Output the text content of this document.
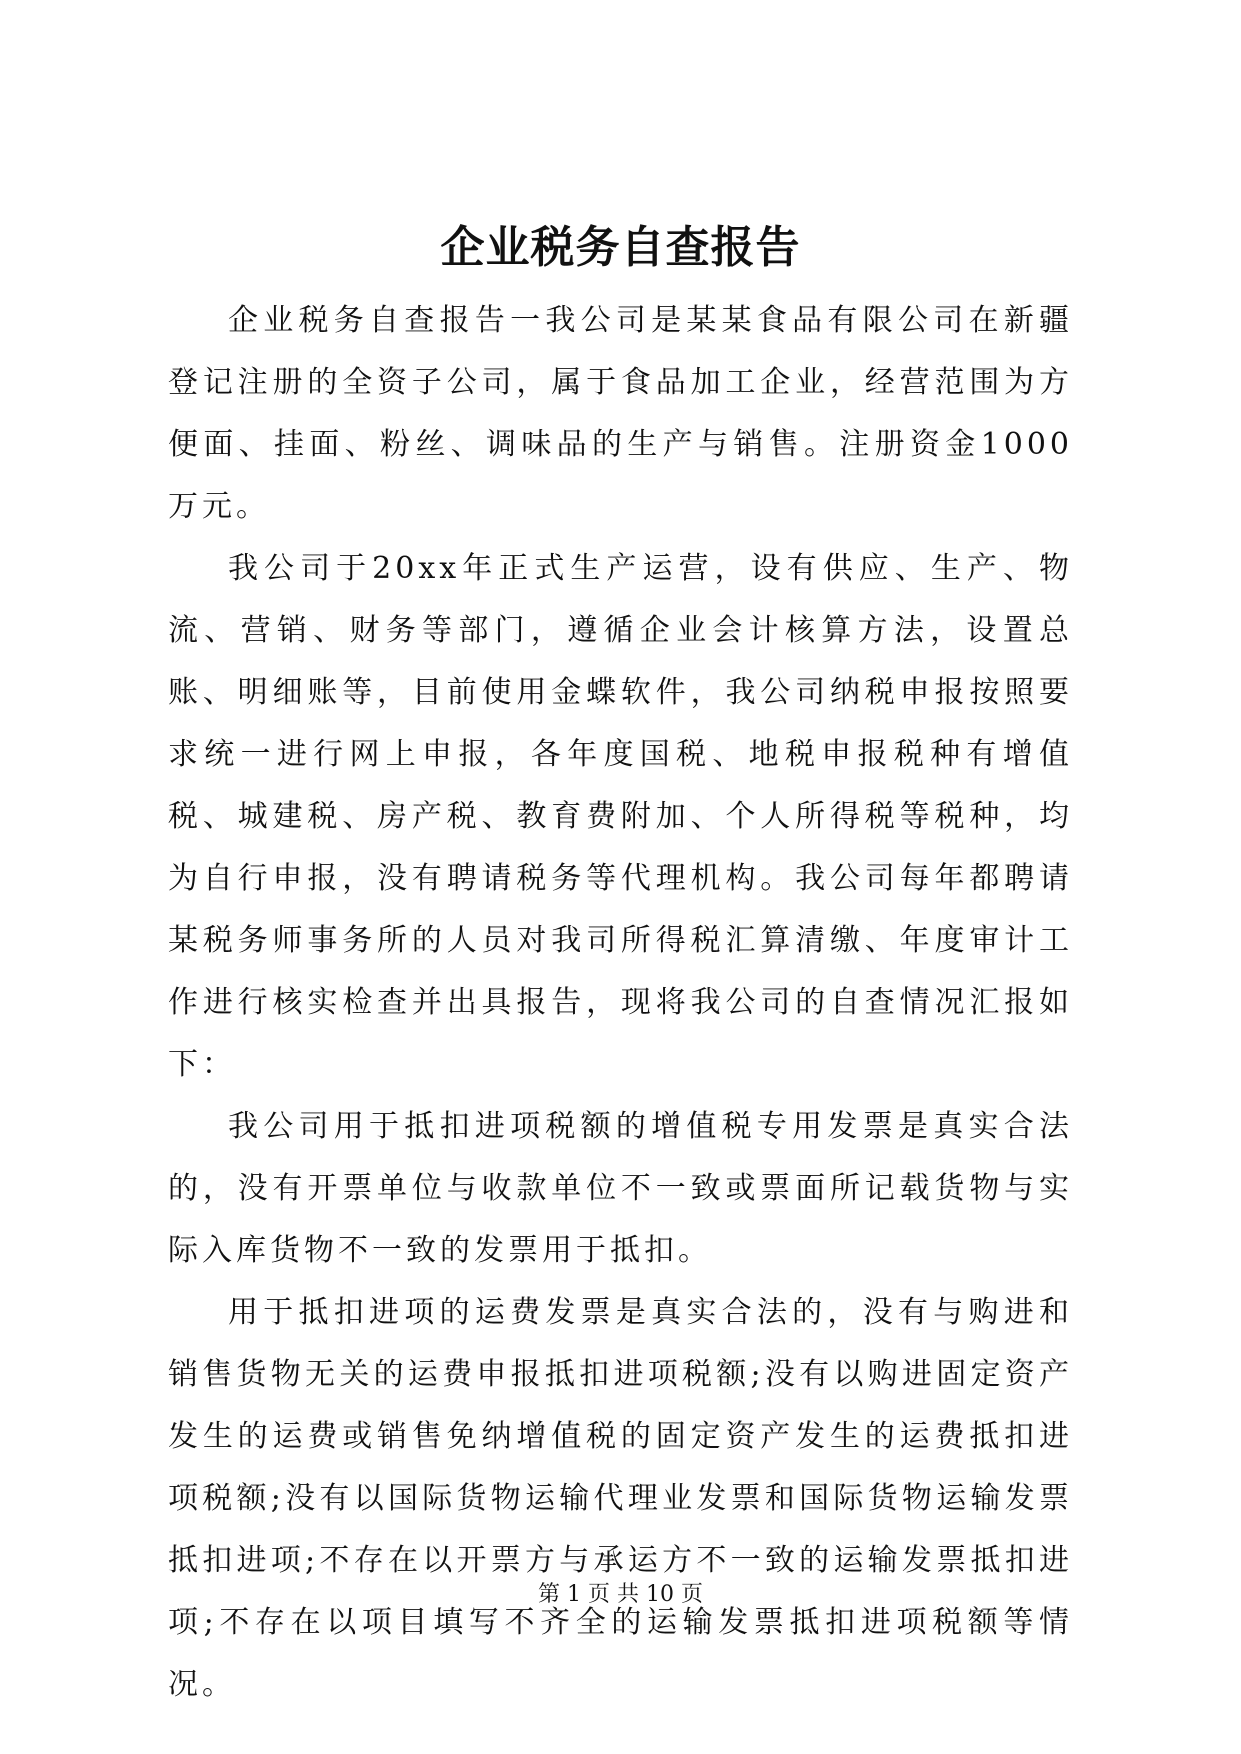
企业税务自查报告

企业税务自查报告一我公司是某某食品有限公司在新疆登记注册的全资子公司，属于食品加工企业，经营范围为方便面、挂面、粉丝、调味品的生产与销售。注册资金1000万元。

我公司于20xx年正式生产运营，设有供应、生产、物流、营销、财务等部门，遵循企业会计核算方法，设置总账、明细账等，目前使用金蝶软件，我公司纳税申报按照要求统一进行网上申报，各年度国税、地税申报税种有增值税、城建税、房产税、教育费附加、个人所得税等税种，均为自行申报，没有聘请税务等代理机构。我公司每年都聘请某税务师事务所的人员对我司所得税汇算清缴、年度审计工作进行核实检查并出具报告，现将我公司的自查情况汇报如下：

我公司用于抵扣进项税额的增值税专用发票是真实合法的，没有开票单位与收款单位不一致或票面所记载货物与实际入库货物不一致的发票用于抵扣。

用于抵扣进项的运费发票是真实合法的，没有与购进和销售货物无关的运费申报抵扣进项税额;没有以购进固定资产发生的运费或销售免纳增值税的固定资产发生的运费抵扣进项税额;没有以国际货物运输代理业发票和国际货物运输发票抵扣进项;不存在以开票方与承运方不一致的运输发票抵扣进项;不存在以项目填写不齐全的运输发票抵扣进项税额等情况。

第 1 页 共 10 页
